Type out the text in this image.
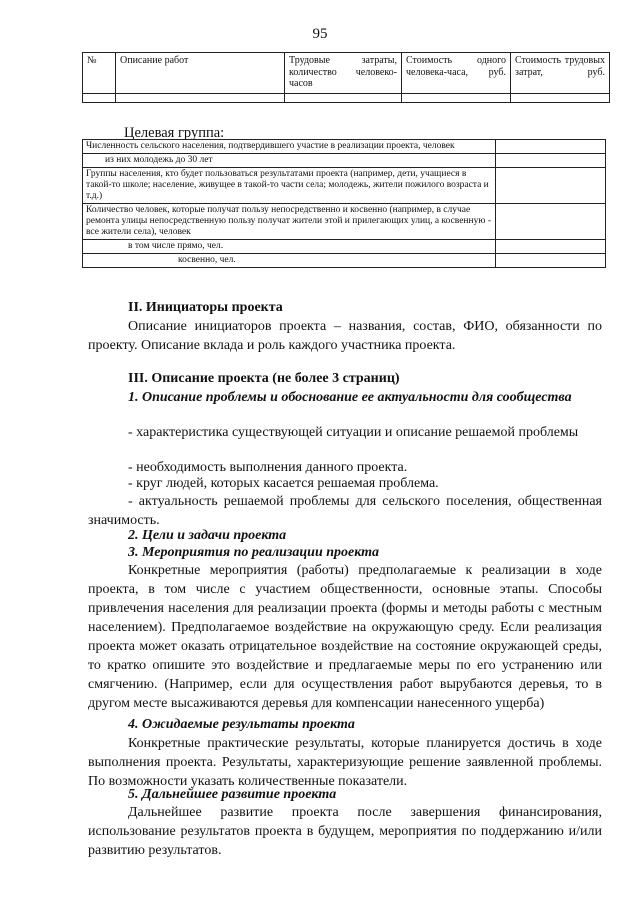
95
№	Описание работ	Трудовые затраты, количество человеко-часов	Стоимость одного человека-часа, руб.	Стоимость трудовых затрат, руб.

Целевая группа:
Численность сельского населения, подтвердившего участие в реализации проекта, человек	
из них молодежь до 30 лет	
Группы населения, кто будет пользоваться результатами проекта (например, дети, учащиеся в такой-то школе; население, живущее в такой-то части села; молодежь, жители пожилого возраста и т.д.)	
Количество человек, которые получат пользу непосредственно и косвенно (например, в случае ремонта улицы непосредственную пользу получат жители этой и прилегающих улиц, а косвенную - все жители села), человек	
в том числе прямо, чел.	
косвенно, чел.	
II. Инициаторы проекта
Описание инициаторов проекта – названия, состав, ФИО, обязанности по проекту. Описание вклада и роль каждого участника проекта.
III. Описание проекта (не более 3 страниц)
1. Описание проблемы и обоснование ее актуальности для сообщества
- характеристика существующей ситуации и описание решаемой проблемы
- необходимость выполнения данного проекта.
- круг людей, которых касается решаемая проблема.
- актуальность решаемой проблемы для сельского поселения, общественная значимость.
2. Цели и задачи проекта
3. Мероприятия по реализации проекта
Конкретные мероприятия (работы) предполагаемые к реализации в ходе проекта, в том числе с участием общественности, основные этапы. Способы привлечения населения для реализации проекта (формы и методы работы с местным населением). Предполагаемое воздействие на окружающую среду. Если реализация проекта может оказать отрицательное воздействие на состояние окружающей среды, то кратко опишите это воздействие и предлагаемые меры по его устранению или смягчению. (Например, если для осуществления работ вырубаются деревья, то в другом месте высаживаются деревья для компенсации нанесенного ущерба)
4. Ожидаемые результаты проекта
Конкретные практические результаты, которые планируется достичь в ходе выполнения проекта. Результаты, характеризующие решение заявленной проблемы. По возможности указать количественные показатели.
5. Дальнейшее развитие проекта
Дальнейшее развитие проекта после завершения финансирования, использование результатов проекта в будущем, мероприятия по поддержанию и/или развитию результатов.
